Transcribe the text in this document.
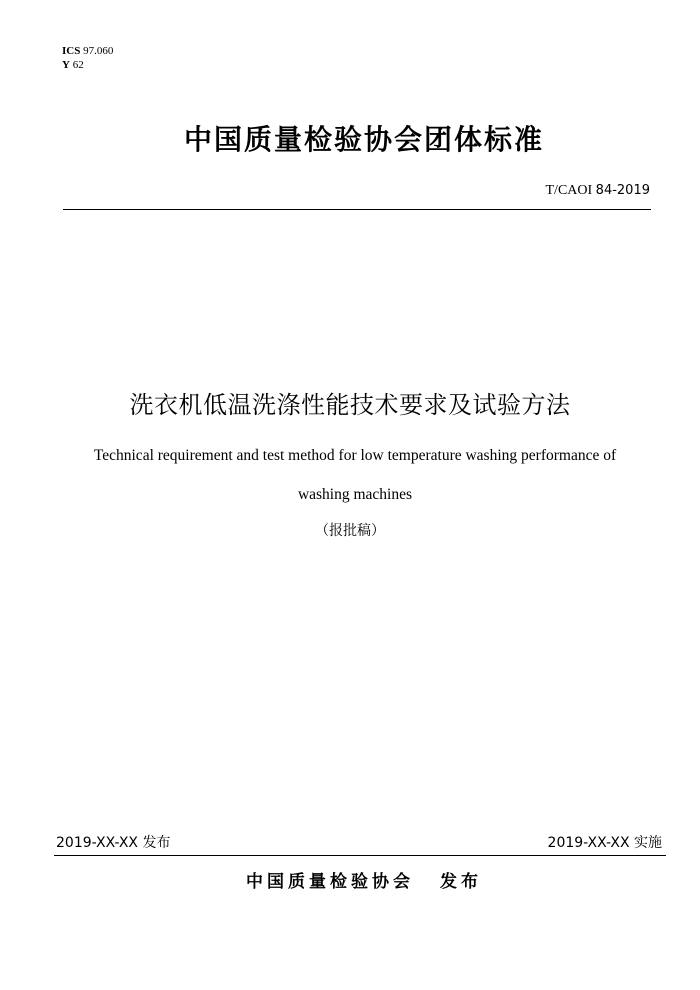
ICS 97.060
Y 62
中国质量检验协会团体标准
T/CAOI 84-2019
洗衣机低温洗涤性能技术要求及试验方法
Technical requirement and test method for low temperature washing performance of
washing machines
（报批稿）
2019-XX-XX 发布	2019-XX-XX 实施
中国质量检验协会 发布
